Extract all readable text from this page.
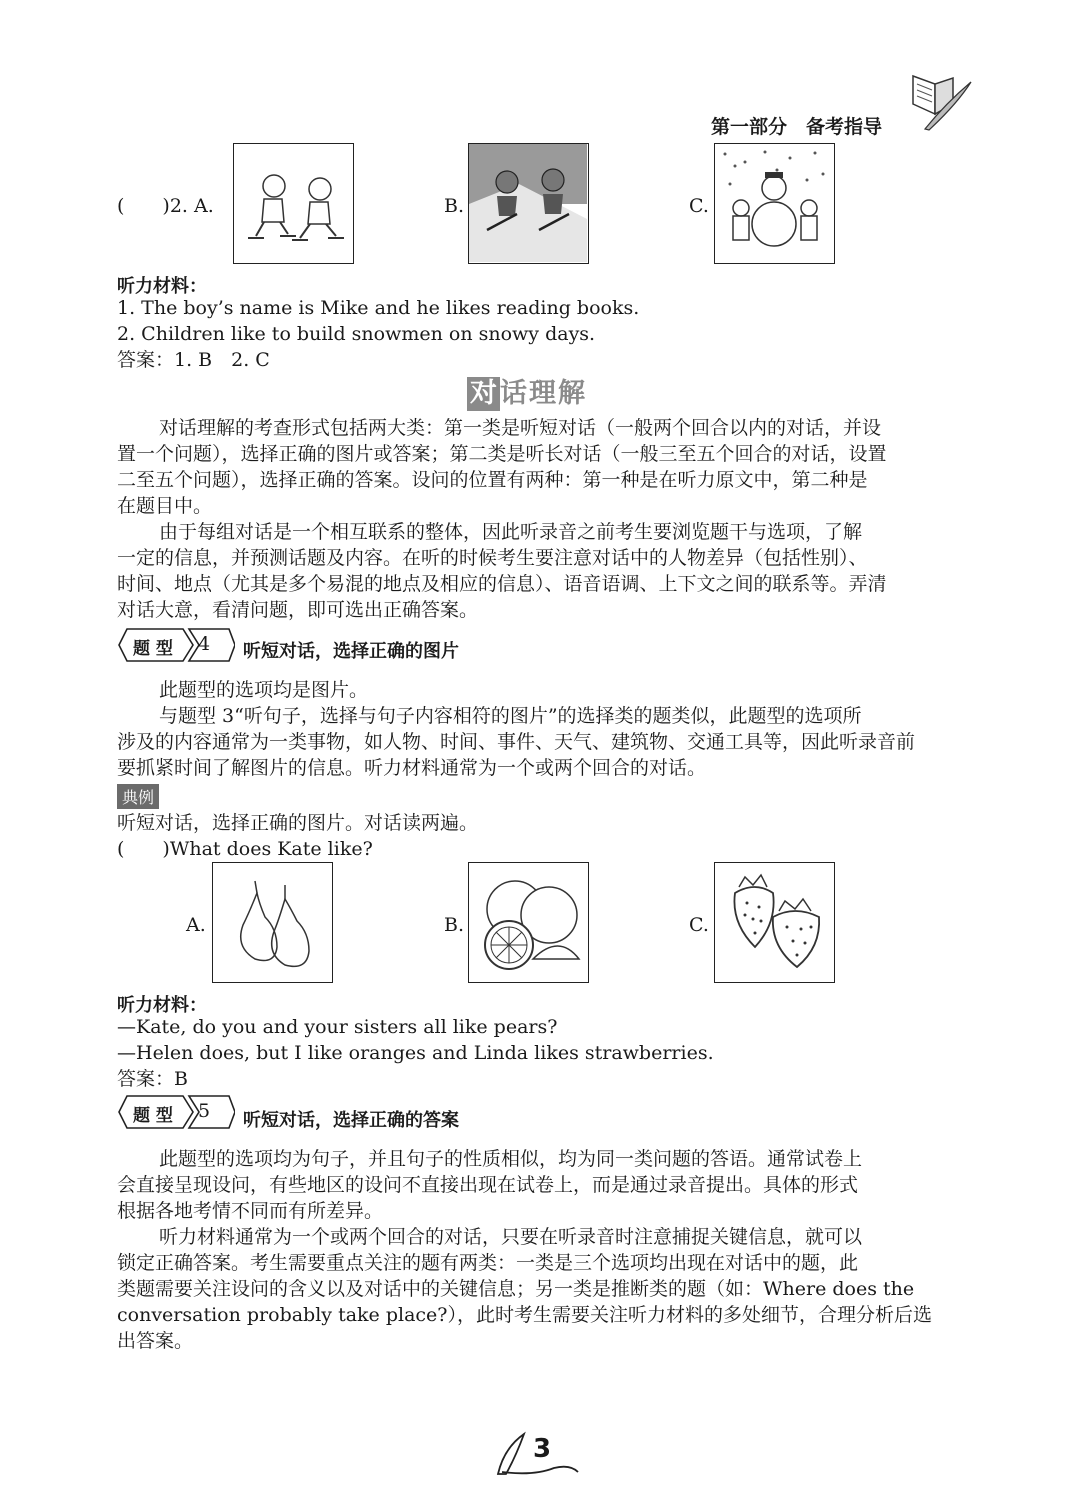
第一部分　备考指导
(　　)2. A.	B.	C.
听力材料：
1. The boy’s name is Mike and he likes reading books.
2. Children like to build snowmen on snowy days.
答案：1. B　2. C
对 话理解
对话理解的考查形式包括两大类：第一类是听短对话（一般两个回合以内的对话，并设
置一个问题），选择正确的图片或答案；第二类是听长对话（一般三至五个回合的对话，设置
二至五个问题），选择正确的答案。设问的位置有两种：第一种是在听力原文中，第二种是
在题目中。
由于每组对话是一个相互联系的整体，因此听录音之前考生要浏览题干与选项，了解
一定的信息，并预测话题及内容。在听的时候考生要注意对话中的人物差异（包括性别）、
时间、地点（尤其是多个易混的地点及相应的信息）、语音语调、上下文之间的联系等。弄清
对话大意，看清问题，即可选出正确答案。
题 型 4 听短对话，选择正确的图片
此题型的选项均是图片。
与题型 3“听句子，选择与句子内容相符的图片”的选择类的题类似，此题型的选项所
涉及的内容通常为一类事物，如人物、时间、事件、天气、建筑物、交通工具等，因此听录音前
要抓紧时间了解图片的信息。听力材料通常为一个或两个回合的对话。
典例
听短对话，选择正确的图片。对话读两遍。
(　　)What does Kate like?
A.	B.	C.
听力材料：
—Kate, do you and your sisters all like pears?
—Helen does, but I like oranges and Linda likes strawberries.
答案：B
题 型 5 听短对话，选择正确的答案
此题型的选项均为句子，并且句子的性质相似，均为同一类问题的答语。通常试卷上
会直接呈现设问，有些地区的设问不直接出现在试卷上，而是通过录音提出。具体的形式
根据各地考情不同而有所差异。
听力材料通常为一个或两个回合的对话，只要在听录音时注意捕捉关键信息，就可以
锁定正确答案。考生需要重点关注的题有两类：一类是三个选项均出现在对话中的题，此
类题需要关注设问的含义以及对话中的关键信息；另一类是推断类的题（如：Where does the
conversation probably take place?），此时考生需要关注听力材料的多处细节，合理分析后选
出答案。
3
